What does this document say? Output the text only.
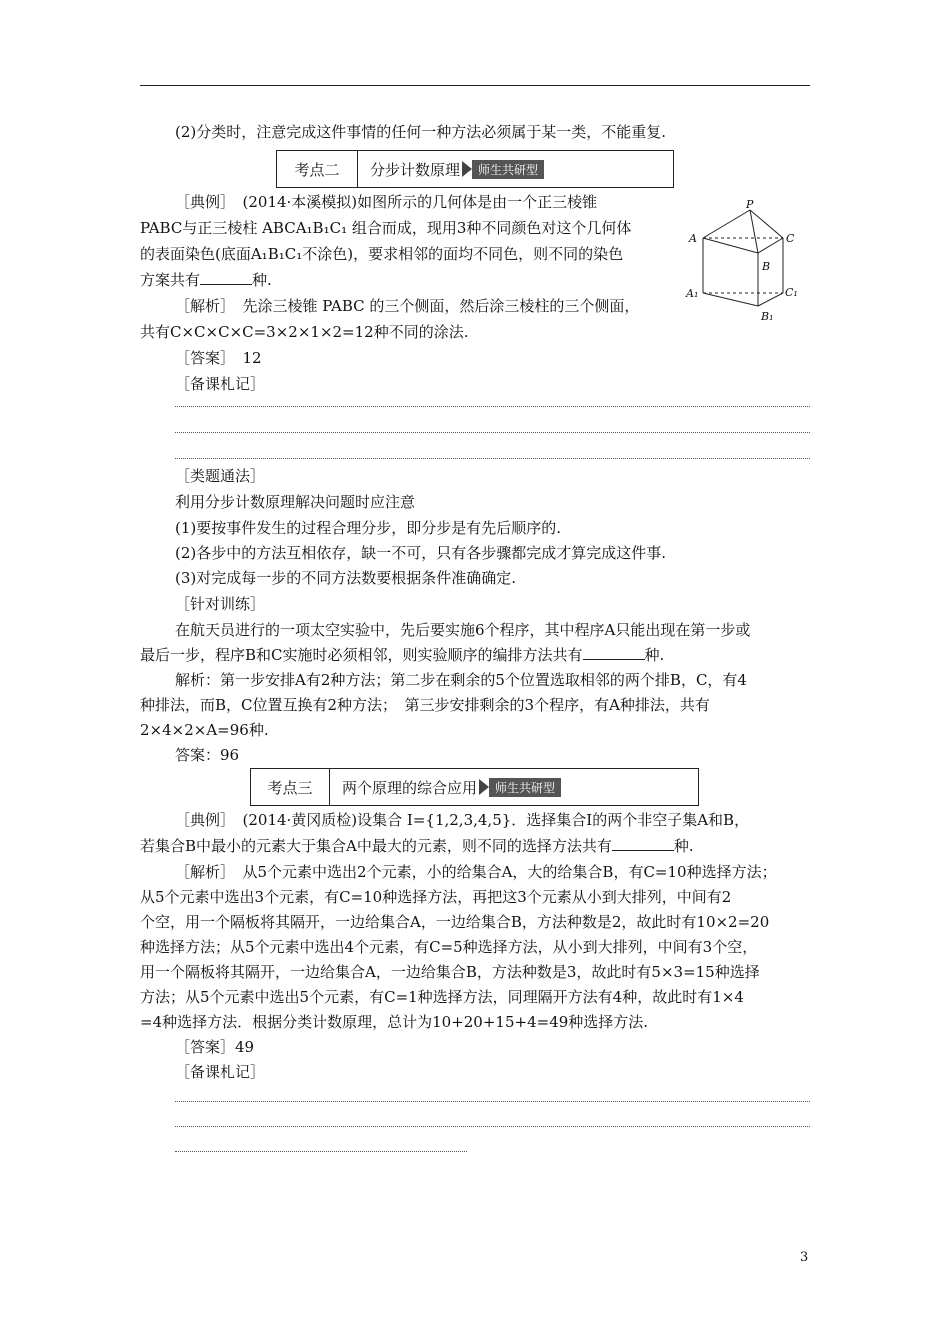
(2)分类时，注意完成这件事情的任何一种方法必须属于某一类，不能重复.
考点二	分步计数原理	师生共研型
［典例］　(2014·本溪模拟)如图所示的几何体是由一个正三棱锥
PABC与正三棱柱 ABCA₁B₁C₁ 组合而成，现用3种不同颜色对这个几何体
的表面染色(底面A₁B₁C₁不涂色)，要求相邻的面均不同色，则不同的染色
方案共有	种.
［解析］　先涂三棱锥 PABC 的三个侧面，然后涂三棱柱的三个侧面，
共有C×C×C×C=3×2×1×2=12种不同的涂法.
［答案］　12
［备课札记］
P
A	C
B
A₁	C₁
B₁
［类题通法］
利用分步计数原理解决问题时应注意
(1)要按事件发生的过程合理分步，即分步是有先后顺序的.
(2)各步中的方法互相依存，缺一不可，只有各步骤都完成才算完成这件事.
(3)对完成每一步的不同方法数要根据条件准确确定.
［针对训练］
在航天员进行的一项太空实验中，先后要实施6个程序，其中程序A只能出现在第一步或
最后一步，程序B和C实施时必须相邻，则实验顺序的编排方法共有	种.
解析：第一步安排A有2种方法；第二步在剩余的5个位置选取相邻的两个排B，C，有4
种排法，而B，C位置互换有2种方法；　第三步安排剩余的3个程序，有A种排法，共有
2×4×2×A=96种.
答案：96
考点三	两个原理的综合应用	师生共研型
［典例］　(2014·黄冈质检)设集合 I={1,2,3,4,5}．选择集合I的两个非空子集A和B，
若集合B中最小的元素大于集合A中最大的元素，则不同的选择方法共有	种.
［解析］　从5个元素中选出2个元素，小的给集合A，大的给集合B，有C=10种选择方法；
从5个元素中选出3个元素，有C=10种选择方法，再把这3个元素从小到大排列，中间有2
个空，用一个隔板将其隔开，一边给集合A，一边给集合B，方法种数是2，故此时有10×2=20
种选择方法；从5个元素中选出4个元素，有C=5种选择方法，从小到大排列，中间有3个空，
用一个隔板将其隔开，一边给集合A，一边给集合B，方法种数是3，故此时有5×3=15种选择
方法；从5个元素中选出5个元素，有C=1种选择方法，同理隔开方法有4种，故此时有1×4
=4种选择方法．根据分类计数原理，总计为10+20+15+4=49种选择方法.
［答案］49
［备课札记］
3
